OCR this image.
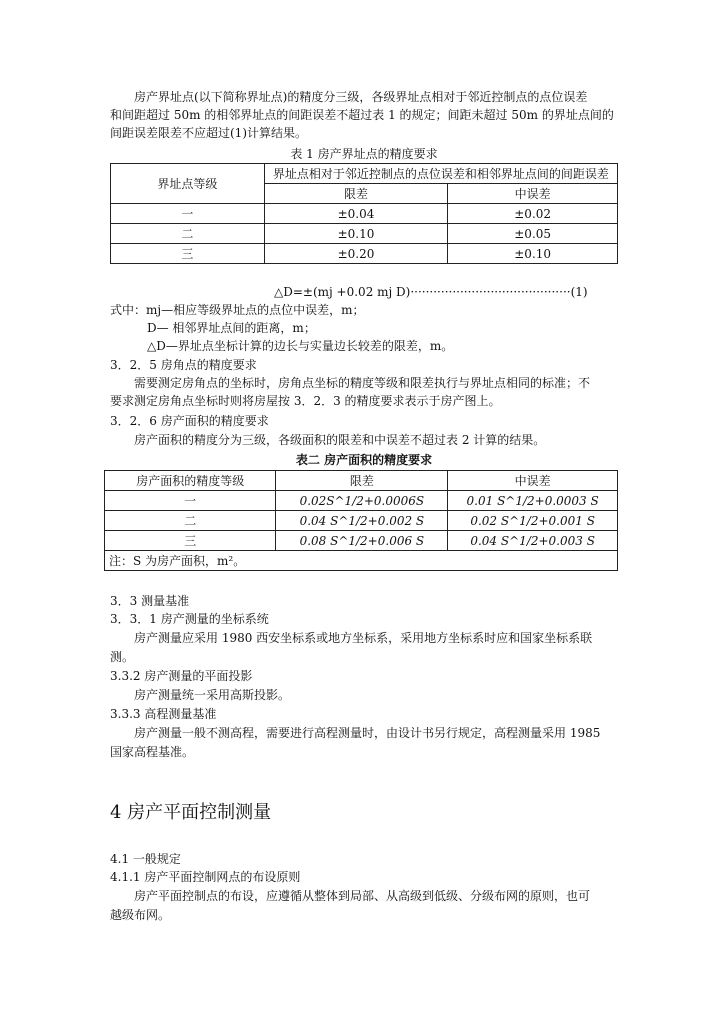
房产界址点(以下简称界址点)的精度分三级，各级界址点相对于邻近控制点的点位误差
和间距超过 50m 的相邻界址点的间距误差不超过表 1 的规定；间距未超过 50m 的界址点间的
间距误差限差不应超过(1)计算结果。
表 1 房产界址点的精度要求
界址点等级	界址点相对于邻近控制点的点位误差和相邻界址点间的间距误差	
	限差	中误差
一	±0.04	±0.02
二	±0.10	±0.05
三	±0.20	±0.10
△D=±(mj +0.02 mj D)··········································(1)
式中：mj—相应等级界址点的点位中误差，m；
D— 相邻界址点间的距离，m；
△D—界址点坐标计算的边长与实量边长较差的限差，m。
3．2．5 房角点的精度要求
需要测定房角点的坐标时，房角点坐标的精度等级和限差执行与界址点相同的标准；不
要求测定房角点坐标时则将房屋按 3．2．3 的精度要求表示于房产图上。
3．2．6 房产面积的精度要求
房产面积的精度分为三级，各级面积的限差和中误差不超过表 2 计算的结果。
表二 房产面积的精度要求
房产面积的精度等级	限差	中误差
一	0.02S^1/2+0.0006S	0.01 S^1/2+0.0003 S
二	0.04 S^1/2+0.002 S	0.02 S^1/2+0.001 S
三	0.08 S^1/2+0.006 S	0.04 S^1/2+0.003 S
注：S 为房产面积，m²。		
3．3 测量基准
3．3．1 房产测量的坐标系统
房产测量应采用 1980 西安坐标系或地方坐标系，采用地方坐标系时应和国家坐标系联
测。
3.3.2 房产测量的平面投影
房产测量统一采用高斯投影。
3.3.3 高程测量基准
房产测量一般不测高程，需要进行高程测量时，由设计书另行规定，高程测量采用 1985
国家高程基准。
4 房产平面控制测量
4.1 一般规定
4.1.1 房产平面控制网点的布设原则
房产平面控制点的布设，应遵循从整体到局部、从高级到低级、分级布网的原则，也可
越级布网。
